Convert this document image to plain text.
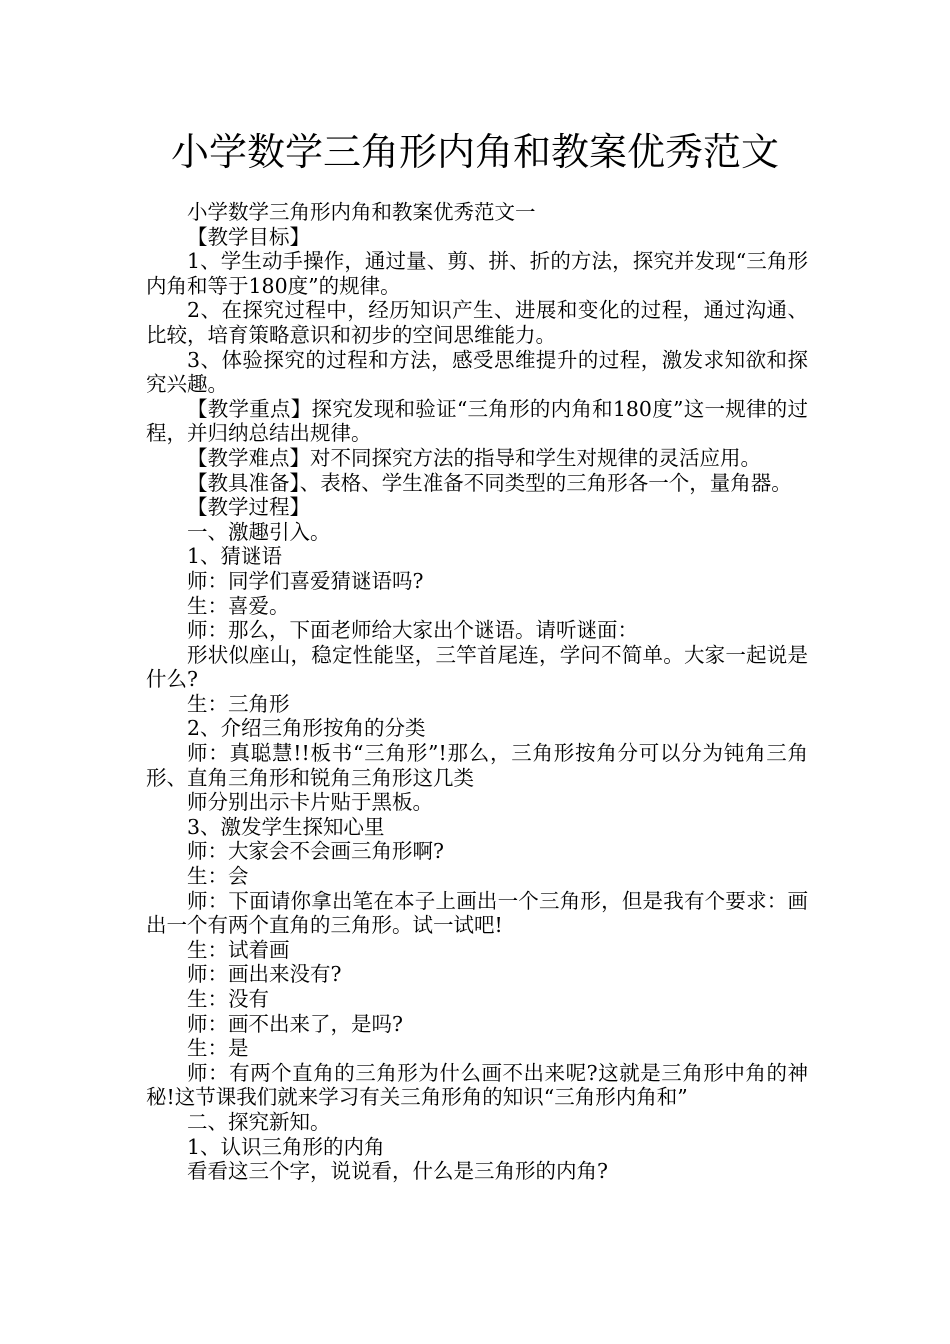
小学数学三角形内角和教案优秀范文

小学数学三角形内角和教案优秀范文一

【教学目标】

1、学生动手操作，通过量、剪、拼、折的方法，探究并发现“三角形内角和等于180度”的规律。

2、在探究过程中，经历知识产生、进展和变化的过程，通过沟通、比较，培育策略意识和初步的空间思维能力。

3、体验探究的过程和方法，感受思维提升的过程，激发求知欲和探究兴趣。

【教学重点】探究发现和验证“三角形的内角和180度”这一规律的过程，并归纳总结出规律。

【教学难点】对不同探究方法的指导和学生对规律的灵活应用。

【教具准备】、表格、学生准备不同类型的三角形各一个，量角器。

【教学过程】

一、激趣引入。

1、猜谜语

师：同学们喜爱猜谜语吗?

生：喜爱。

师：那么，下面老师给大家出个谜语。请听谜面：

形状似座山，稳定性能坚，三竿首尾连，学问不简单。大家一起说是什么?

生：三角形

2、介绍三角形按角的分类

师：真聪慧!!板书“三角形”!那么，三角形按角分可以分为钝角三角形、直角三角形和锐角三角形这几类

师分别出示卡片贴于黑板。

3、激发学生探知心里

师：大家会不会画三角形啊?

生：会

师：下面请你拿出笔在本子上画出一个三角形，但是我有个要求：画出一个有两个直角的三角形。试一试吧!

生：试着画

师：画出来没有?

生：没有

师：画不出来了，是吗?

生：是

师：有两个直角的三角形为什么画不出来呢?这就是三角形中角的神秘!这节课我们就来学习有关三角形角的知识“三角形内角和”

二、探究新知。

1、认识三角形的内角

看看这三个字，说说看，什么是三角形的内角?
